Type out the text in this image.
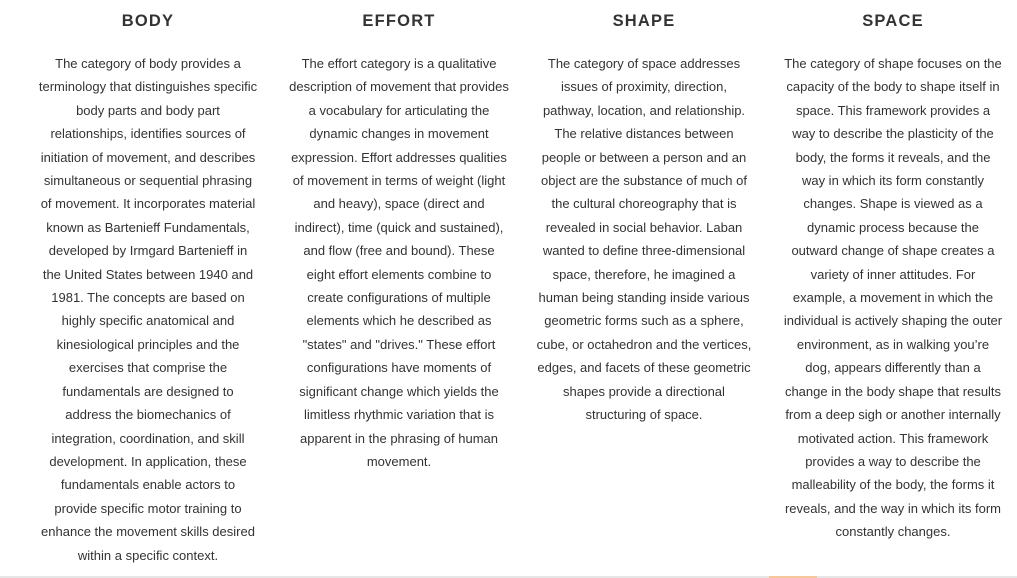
BODY

The category of body provides a terminology that distinguishes specific body parts and body part relationships, identifies sources of initiation of movement, and describes simultaneous or sequential phrasing of movement. It incorporates material known as Bartenieff Fundamentals, developed by Irmgard Bartenieff in the United States between 1940 and 1981. The concepts are based on highly specific anatomical and kinesiological principles and the exercises that comprise the fundamentals are designed to address the biomechanics of integration, coordination, and skill development. In application, these fundamentals enable actors to provide specific motor training to enhance the movement skills desired within a specific context.

EFFORT

The effort category is a qualitative description of movement that provides a vocabulary for articulating the dynamic changes in movement expression. Effort addresses qualities of movement in terms of weight (light and heavy), space (direct and indirect), time (quick and sustained), and flow (free and bound). These eight effort elements combine to create configurations of multiple elements which he described as "states" and "drives." These effort configurations have moments of significant change which yields the limitless rhythmic variation that is apparent in the phrasing of human movement.

SHAPE

The category of space addresses issues of proximity, direction, pathway, location, and relationship. The relative distances between people or between a person and an object are the substance of much of the cultural choreography that is revealed in social behavior. Laban wanted to define three-dimensional space, therefore, he imagined a human being standing inside various geometric forms such as a sphere, cube, or octahedron and the vertices, edges, and facets of these geometric shapes provide a directional structuring of space.

SPACE

The category of shape focuses on the capacity of the body to shape itself in space. This framework provides a way to describe the plasticity of the body, the forms it reveals, and the way in which its form constantly changes. Shape is viewed as a dynamic process because the outward change of shape creates a variety of inner attitudes. For example, a movement in which the individual is actively shaping the outer environment, as in walking you’re dog, appears differently than a change in the body shape that results from a deep sigh or another internally motivated action. This framework provides a way to describe the malleability of the body, the forms it reveals, and the way in which its form constantly changes.
